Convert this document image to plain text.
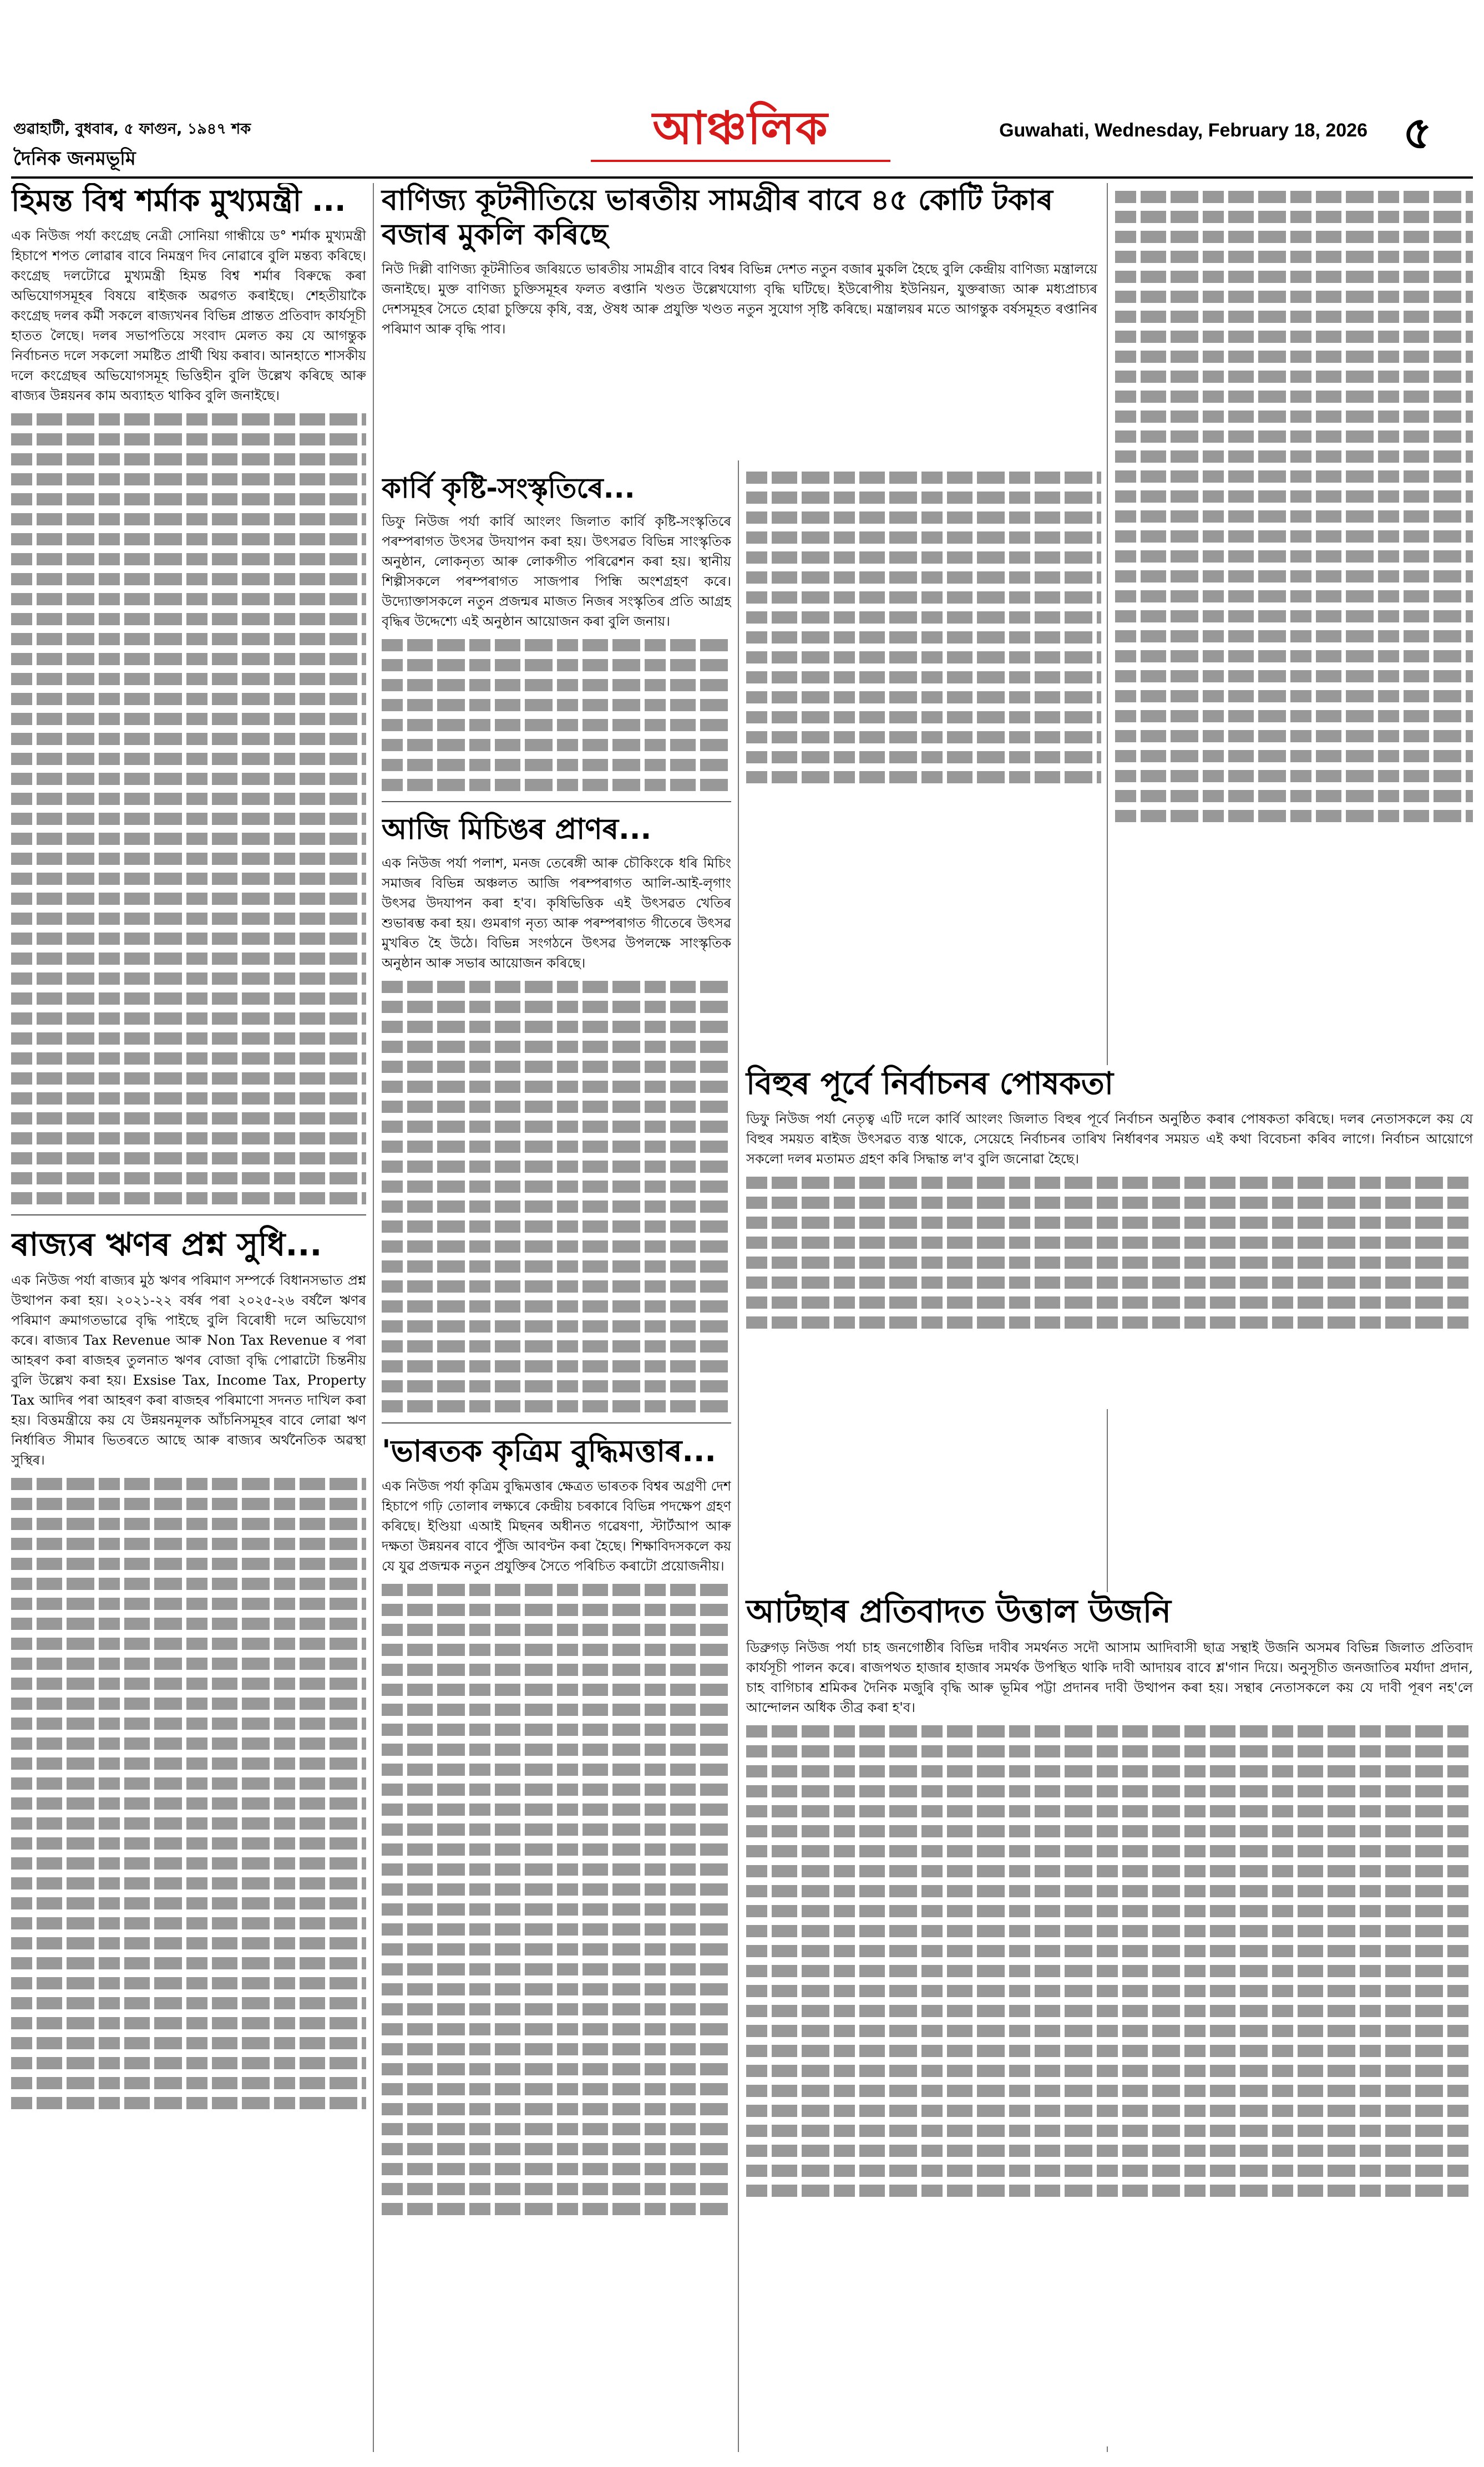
গুৱাহাটী, বুধবাৰ, ৫ ফাগুন, ১৯৪৭ শক
দৈনিক জনমভূমি
আঞ্চলিক	Guwahati, Wednesday, February 18, 2026 ৫
হিমন্ত বিশ্ব শৰ্মাক মুখ্যমন্ত্ৰী ...

এক নিউজ পৰ্যা কংগ্ৰেছ নেত্ৰী সোনিয়া গান্ধীয়ে ড° শৰ্মাক মুখ্যমন্ত্ৰী হিচাপে শপত লোৱাৰ বাবে নিমন্ত্ৰণ দিব নোৱাৰে বুলি মন্তব্য কৰিছে। কংগ্ৰেছ দলটোৱে মুখ্যমন্ত্ৰী হিমন্ত বিশ্ব শৰ্মাৰ বিৰুদ্ধে কৰা অভিযোগসমূহৰ বিষয়ে ৰাইজক অৱগত কৰাইছে। শেহতীয়াকৈ কংগ্ৰেছ দলৰ কৰ্মী সকলে ৰাজ্যখনৰ বিভিন্ন প্ৰান্তত প্ৰতিবাদ কাৰ্যসূচী হাতত লৈছে। দলৰ সভাপতিয়ে সংবাদ মেলত কয় যে আগন্তুক নিৰ্বাচনত দলে সকলো সমষ্টিত প্ৰাৰ্থী থিয় কৰাব। আনহাতে শাসকীয় দলে কংগ্ৰেছৰ অভিযোগসমূহ ভিত্তিহীন বুলি উল্লেখ কৰিছে আৰু ৰাজ্যৰ উন্নয়নৰ কাম অব্যাহত থাকিব বুলি জনাইছে।

ৰাজ্যৰ ঋণৰ প্ৰশ্ন সুধি...

এক নিউজ পৰ্যা ৰাজ্যৰ মুঠ ঋণৰ পৰিমাণ সম্পৰ্কে বিধানসভাত প্ৰশ্ন উত্থাপন কৰা হয়। ২০২১-২২ বৰ্ষৰ পৰা ২০২৫-২৬ বৰ্ষলৈ ঋণৰ পৰিমাণ ক্ৰমাগতভাৱে বৃদ্ধি পাইছে বুলি বিৰোধী দলে অভিযোগ কৰে। ৰাজ্যৰ Tax Revenue আৰু Non Tax Revenue ৰ পৰা আহৰণ কৰা ৰাজহৰ তুলনাত ঋণৰ বোজা বৃদ্ধি পোৱাটো চিন্তনীয় বুলি উল্লেখ কৰা হয়। Exsise Tax, Income Tax, Property Tax আদিৰ পৰা আহৰণ কৰা ৰাজহৰ পৰিমাণো সদনত দাখিল কৰা হয়। বিত্তমন্ত্ৰীয়ে কয় যে উন্নয়নমূলক আঁচনিসমূহৰ বাবে লোৱা ঋণ নিৰ্ধাৰিত সীমাৰ ভিতৰতে আছে আৰু ৰাজ্যৰ অৰ্থনৈতিক অৱস্থা সুস্থিৰ।

কাৰ্বি কৃষ্টি-সংস্কৃতিৰে...

ডিফু নিউজ পৰ্যা কাৰ্বি আংলং জিলাত কাৰ্বি কৃষ্টি-সংস্কৃতিৰে পৰম্পৰাগত উৎসৱ উদযাপন কৰা হয়। উৎসৱত বিভিন্ন সাংস্কৃতিক অনুষ্ঠান, লোকনৃত্য আৰু লোকগীত পৰিৱেশন কৰা হয়। স্থানীয় শিল্পীসকলে পৰম্পৰাগত সাজপাৰ পিন্ধি অংশগ্ৰহণ কৰে। উদ্যোক্তাসকলে নতুন প্ৰজন্মৰ মাজত নিজৰ সংস্কৃতিৰ প্ৰতি আগ্ৰহ বৃদ্ধিৰ উদ্দেশ্যে এই অনুষ্ঠান আয়োজন কৰা বুলি জনায়।

আজি মিচিঙৰ প্ৰাণৰ...

এক নিউজ পৰ্যা পলাশ, মনজ তেৰেঙ্গী আৰু চৌকিংকে ধৰি মিচিং সমাজৰ বিভিন্ন অঞ্চলত আজি পৰম্পৰাগত আলি-আই-লৃগাং উৎসৱ উদযাপন কৰা হ'ব। কৃষিভিত্তিক এই উৎসৱত খেতিৰ শুভাৰম্ভ কৰা হয়। গুমৰাগ নৃত্য আৰু পৰম্পৰাগত গীতেৰে উৎসৱ মুখৰিত হৈ উঠে। বিভিন্ন সংগঠনে উৎসৱ উপলক্ষে সাংস্কৃতিক অনুষ্ঠান আৰু সভাৰ আয়োজন কৰিছে।

'ভাৰতক কৃত্ৰিম বুদ্ধিমত্তাৰ...

এক নিউজ পৰ্যা কৃত্ৰিম বুদ্ধিমত্তাৰ ক্ষেত্ৰত ভাৰতক বিশ্বৰ অগ্ৰণী দেশ হিচাপে গঢ়ি তোলাৰ লক্ষ্যৰে কেন্দ্ৰীয় চৰকাৰে বিভিন্ন পদক্ষেপ গ্ৰহণ কৰিছে। ইণ্ডিয়া এআই মিছনৰ অধীনত গৱেষণা, স্টাৰ্টআপ আৰু দক্ষতা উন্নয়নৰ বাবে পুঁজি আবণ্টন কৰা হৈছে। শিক্ষাবিদসকলে কয় যে যুৱ প্ৰজন্মক নতুন প্ৰযুক্তিৰ সৈতে পৰিচিত কৰাটো প্ৰয়োজনীয়।

বাণিজ্য কূটনীতিয়ে ভাৰতীয় সামগ্ৰীৰ বাবে ৪৫ কোটি টকাৰ বজাৰ মুকলি কৰিছে

নিউ দিল্লী বাণিজ্য কূটনীতিৰ জৰিয়তে ভাৰতীয় সামগ্ৰীৰ বাবে বিশ্বৰ বিভিন্ন দেশত নতুন বজাৰ মুকলি হৈছে বুলি কেন্দ্ৰীয় বাণিজ্য মন্ত্ৰালয়ে জনাইছে। মুক্ত বাণিজ্য চুক্তিসমূহৰ ফলত ৰপ্তানি খণ্ডত উল্লেখযোগ্য বৃদ্ধি ঘটিছে। ইউৰোপীয় ইউনিয়ন, যুক্তৰাজ্য আৰু মধ্যপ্ৰাচ্যৰ দেশসমূহৰ সৈতে হোৱা চুক্তিয়ে কৃষি, বস্ত্ৰ, ঔষধ আৰু প্ৰযুক্তি খণ্ডত নতুন সুযোগ সৃষ্টি কৰিছে। মন্ত্ৰালয়ৰ মতে আগন্তুক বৰ্ষসমূহত ৰপ্তানিৰ পৰিমাণ আৰু বৃদ্ধি পাব।

বিহুৰ পূৰ্বে নিৰ্বাচনৰ পোষকতা

ডিফু নিউজ পৰ্যা নেতৃত্ব এটি দলে কাৰ্বি আংলং জিলাত বিহুৰ পূৰ্বে নিৰ্বাচন অনুষ্ঠিত কৰাৰ পোষকতা কৰিছে। দলৰ নেতাসকলে কয় যে বিহুৰ সময়ত ৰাইজ উৎসৱত ব্যস্ত থাকে, সেয়েহে নিৰ্বাচনৰ তাৰিখ নিৰ্ধাৰণৰ সময়ত এই কথা বিবেচনা কৰিব লাগে। নিৰ্বাচন আয়োগে সকলো দলৰ মতামত গ্ৰহণ কৰি সিদ্ধান্ত ল'ব বুলি জনোৱা হৈছে।

আটছাৰ প্ৰতিবাদত উত্তাল উজনি

ডিব্ৰুগড় নিউজ পৰ্যা চাহ জনগোষ্ঠীৰ বিভিন্ন দাবীৰ সমৰ্থনত সদৌ আসাম আদিবাসী ছাত্ৰ সন্থাই উজনি অসমৰ বিভিন্ন জিলাত প্ৰতিবাদ কাৰ্যসূচী পালন কৰে। ৰাজপথত হাজাৰ হাজাৰ সমৰ্থক উপস্থিত থাকি দাবী আদায়ৰ বাবে শ্ল'গান দিয়ে। অনুসূচীত জনজাতিৰ মৰ্যাদা প্ৰদান, চাহ বাগিচাৰ শ্ৰমিকৰ দৈনিক মজুৰি বৃদ্ধি আৰু ভূমিৰ পট্টা প্ৰদানৰ দাবী উত্থাপন কৰা হয়। সন্থাৰ নেতাসকলে কয় যে দাবী পূৰণ নহ'লে আন্দোলন অধিক তীব্ৰ কৰা হ'ব।
